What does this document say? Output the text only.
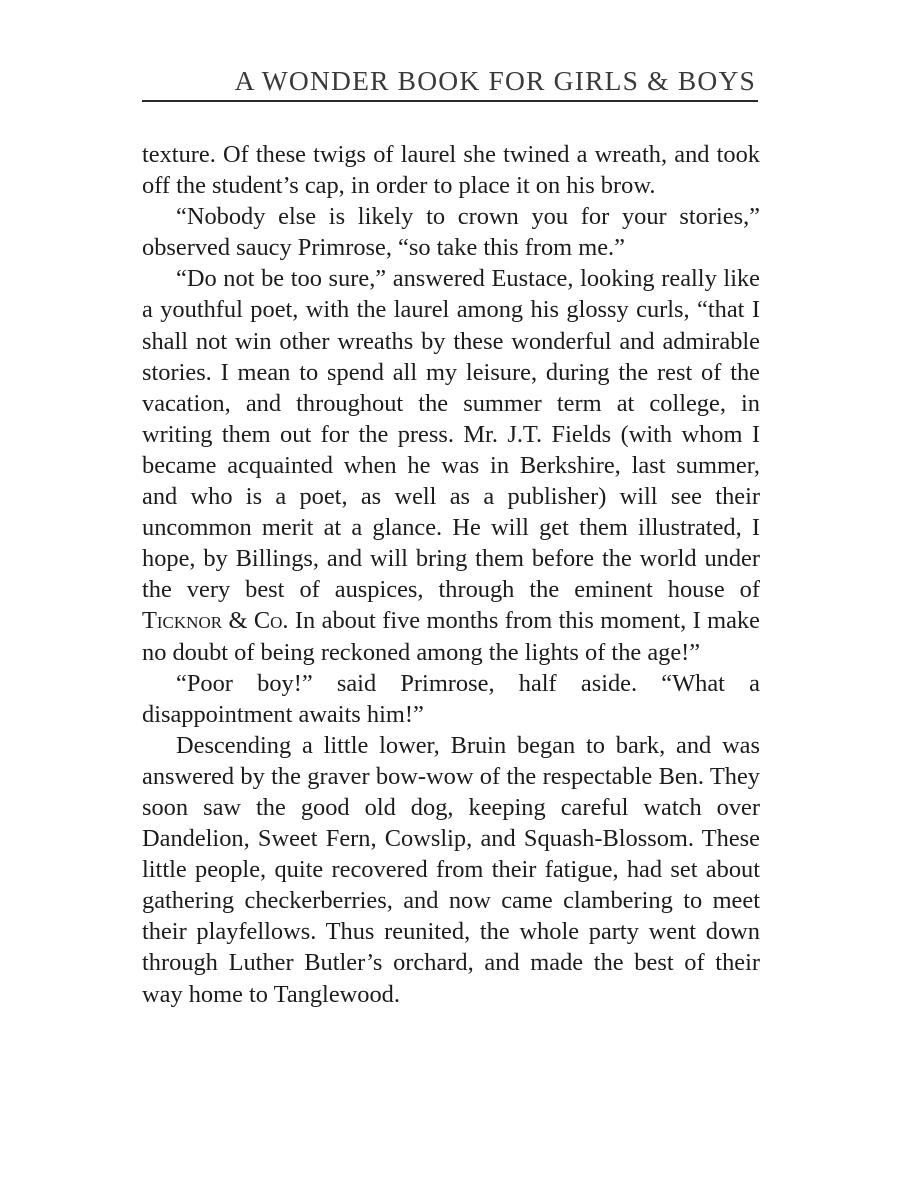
A WONDER BOOK FOR GIRLS & BOYS

texture. Of these twigs of laurel she twined a wreath, and took off the student’s cap, in order to place it on his brow.

“Nobody else is likely to crown you for your stories,” observed saucy Primrose, “so take this from me.”

“Do not be too sure,” answered Eustace, looking really like a youthful poet, with the laurel among his glossy curls, “that I shall not win other wreaths by these wonderful and admirable stories. I mean to spend all my leisure, during the rest of the vacation, and throughout the summer term at college, in writing them out for the press. Mr. J.T. Fields (with whom I became acquainted when he was in Berkshire, last summer, and who is a poet, as well as a publisher) will see their uncommon merit at a glance. He will get them illustrated, I hope, by Billings, and will bring them before the world under the very best of auspices, through the eminent house of Ticknor & Co. In about five months from this moment, I make no doubt of being reckoned among the lights of the age!”

“Poor boy!” said Primrose, half aside. “What a disappointment awaits him!”

Descending a little lower, Bruin began to bark, and was answered by the graver bow-wow of the respectable Ben. They soon saw the good old dog, keeping careful watch over Dandelion, Sweet Fern, Cowslip, and Squash-Blossom. These little people, quite recovered from their fatigue, had set about gathering checkerberries, and now came clambering to meet their playfellows. Thus reunited, the whole party went down through Luther Butler’s orchard, and made the best of their way home to Tanglewood.
